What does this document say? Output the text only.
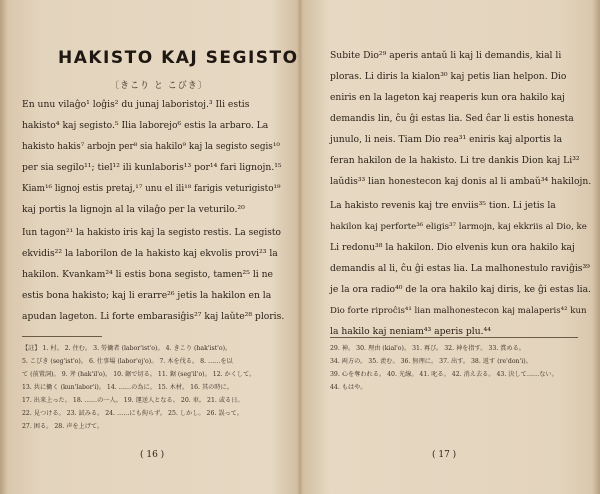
HAKISTO KAJ SEGISTO
〔きこり と こびき〕
En unu vilaĝo¹ loĝis² du junaj laboristoj.³ Ili estis
hakisto⁴ kaj segisto.⁵ Ilia laborejo⁶ estis la arbaro. La
hakisto hakis⁷ arbojn per⁸ sia hakilo⁹ kaj la segisto segis¹⁰
per sia segilo¹¹; tiel¹² ili kunlaboris¹³ por¹⁴ fari lignojn.¹⁵
Kiam¹⁶ lignoj estis pretaj,¹⁷ unu el ili¹⁸ farigis veturigisto¹⁹
kaj portis la lignojn al la vilaĝo per la veturilo.²⁰
Iun tagon²¹ la hakisto iris kaj la segisto restis. La segisto
ekvidis²² la laborilon de la hakisto kaj ekvolis provi²³ la
hakilon. Kvankam²⁴ li estis bona segisto, tamen²⁵ li ne
estis bona hakisto; kaj li erarre²⁶ jetis la hakilon en la
apudan lageton. Li forte embarasiĝis²⁷ kaj laŭte²⁸ ploris.
【註】 1. 村。 2. 住む。 3. 勞働者 (labor'ist'o)。 4. きこり (hak'ist'o)。
5. こびき (seg'ist'o)。 6. 仕事場 (labor'ej'o)。 7. 木を伐る。 8. ……を以
て (前置詞)。 9. 斧 (hak'il'o)。 10. 鋸で切る。 11. 鋸 (seg'il'o)。 12. かくして。
13. 共に働く (kun'labor'i)。 14. ……の為に。 15. 木材。 16. 其の時に。
17. 出来上った。 18. ……の一人。 19. 運送人となる。 20. 車。 21. 或る日。
22. 見つける。 23. 試みる。 24. ……にも拘らず。 25. しかし。 26. 誤って。
27. 困る。 28. 声を上げて。
( 16 )
Subite Dio²⁹ aperis antaŭ li kaj li demandis, kial li
ploras. Li diris la kialon³⁰ kaj petis lian helpon. Dio
eniris en la lageton kaj reaperis kun ora hakilo kaj
demandis lin, ĉu ĝi estas lia. Sed ĉar li estis honesta
junulo, li neis. Tiam Dio rea³¹ eniris kaj alportis la
feran hakilon de la hakisto. Li tre dankis Dion kaj Li³²
laŭdis³³ lian honestecon kaj donis al li ambaŭ³⁴ hakilojn.
La hakisto revenis kaj tre enviis³⁵ tion. Li jetis la
hakilon kaj perforte³⁶ eligis³⁷ larmojn, kaj ekkriis al Dio, ke
Li redonu³⁸ la hakilon. Dio elvenis kun ora hakilo kaj
demandis al li, ĉu ĝi estas lia. La malhonestulo raviĝis³⁹
je la ora radio⁴⁰ de la ora hakilo kaj diris, ke ĝi estas lia.
Dio forte riproĉis⁴¹ lian malhonestecon kaj malaperis⁴² kun
la hakilo kaj neniam⁴³ aperis plu.⁴⁴
29. 神。 30. 理由 (kial'o)。 31. 再び。 32. 神を指す。 33. 賞める。
34. 両方の。 35. 羨む。 36. 無理に。 37. 出す。 38. 返す (re'don'i)。
39. 心を奪われる。 40. 光線。 41. 叱る。 42. 消え去る。 43. 決して……ない。
44. もはや。
( 17 )
